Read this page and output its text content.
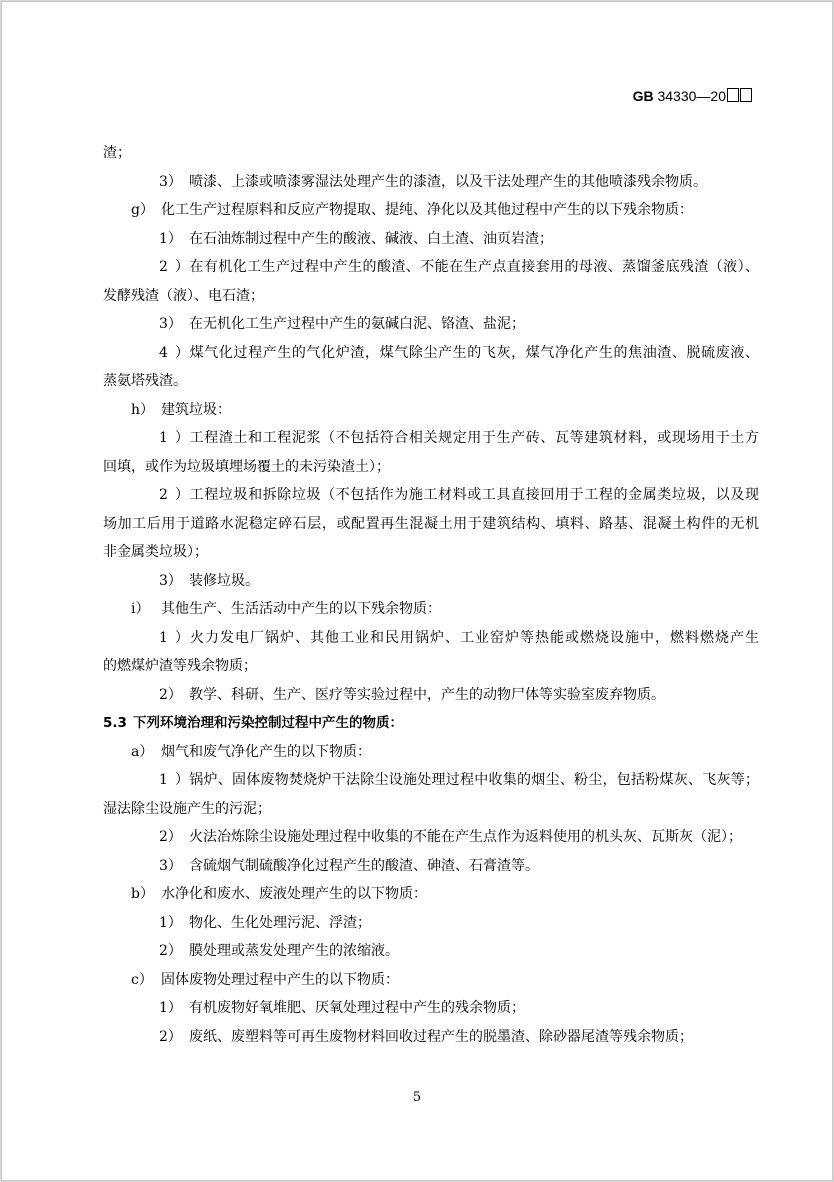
GB 34330—20
渣；
3） 喷漆、上漆或喷漆雾湿法处理产生的漆渣，以及干法处理产生的其他喷漆残余物质。
g） 化工生产过程原料和反应产物提取、提纯、净化以及其他过程中产生的以下残余物质：
1） 在石油炼制过程中产生的酸液、碱液、白土渣、油页岩渣；
2）在有机化工生产过程中产生的酸渣、不能在生产点直接套用的母液、蒸馏釜底残渣（液）、
发酵残渣（液）、电石渣；
3） 在无机化工生产过程中产生的氨碱白泥、铬渣、盐泥；
4）煤气化过程产生的气化炉渣，煤气除尘产生的飞灰，煤气净化产生的焦油渣、脱硫废液、
蒸氨塔残渣。
h） 建筑垃圾：
1）工程渣土和工程泥浆（不包括符合相关规定用于生产砖、瓦等建筑材料，或现场用于土方
回填，或作为垃圾填埋场覆土的未污染渣土）；
2）工程垃圾和拆除垃圾（不包括作为施工材料或工具直接回用于工程的金属类垃圾，以及现
场加工后用于道路水泥稳定碎石层，或配置再生混凝土用于建筑结构、填料、路基、混凝土构件的无机
非金属类垃圾）；
3） 装修垃圾。
i） 其他生产、生活活动中产生的以下残余物质：
1）火力发电厂锅炉、其他工业和民用锅炉、工业窑炉等热能或燃烧设施中，燃料燃烧产生
的燃煤炉渣等残余物质；
2） 教学、科研、生产、医疗等实验过程中，产生的动物尸体等实验室废弃物质。
5.3 下列环境治理和污染控制过程中产生的物质：
a） 烟气和废气净化产生的以下物质：
1）锅炉、固体废物焚烧炉干法除尘设施处理过程中收集的烟尘、粉尘，包括粉煤灰、飞灰等；
湿法除尘设施产生的污泥；
2） 火法冶炼除尘设施处理过程中收集的不能在产生点作为返料使用的机头灰、瓦斯灰（泥）；
3） 含硫烟气制硫酸净化过程产生的酸渣、砷渣、石膏渣等。
b） 水净化和废水、废液处理产生的以下物质：
1） 物化、生化处理污泥、浮渣；
2） 膜处理或蒸发处理产生的浓缩液。
c） 固体废物处理过程中产生的以下物质：
1） 有机废物好氧堆肥、厌氧处理过程中产生的残余物质；
2） 废纸、废塑料等可再生废物材料回收过程产生的脱墨渣、除砂器尾渣等残余物质；
5
